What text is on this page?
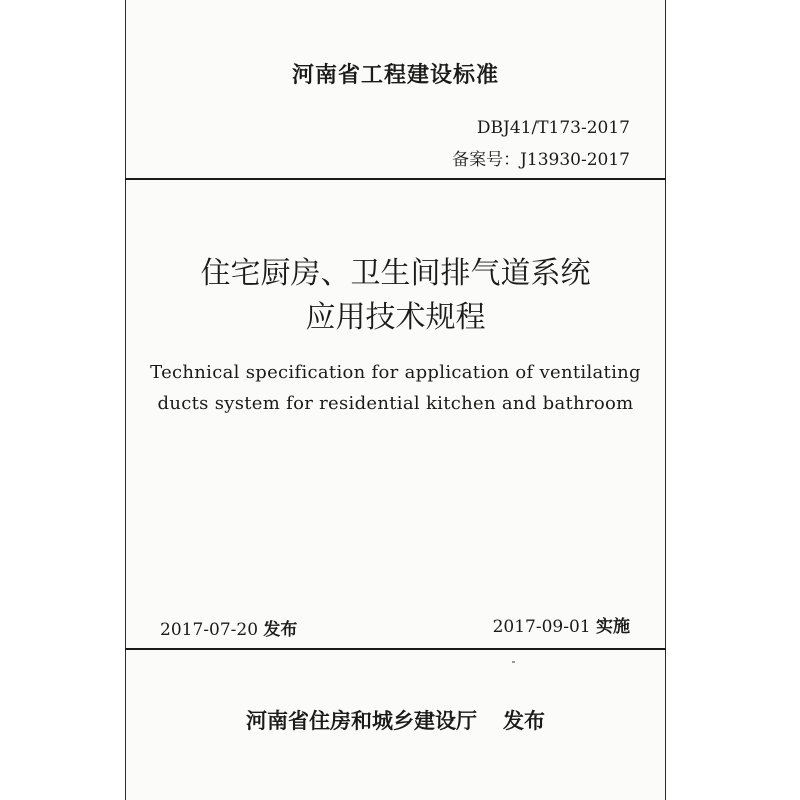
河南省工程建设标准
DBJ41/T173-2017
备案号：J13930-2017
住宅厨房、卫生间排气道系统
应用技术规程
Technical specification for application of ventilating
ducts system for residential kitchen and bathroom
2017-07-20 发布	2017-09-01 实施
河南省住房和城乡建设厅 发布
